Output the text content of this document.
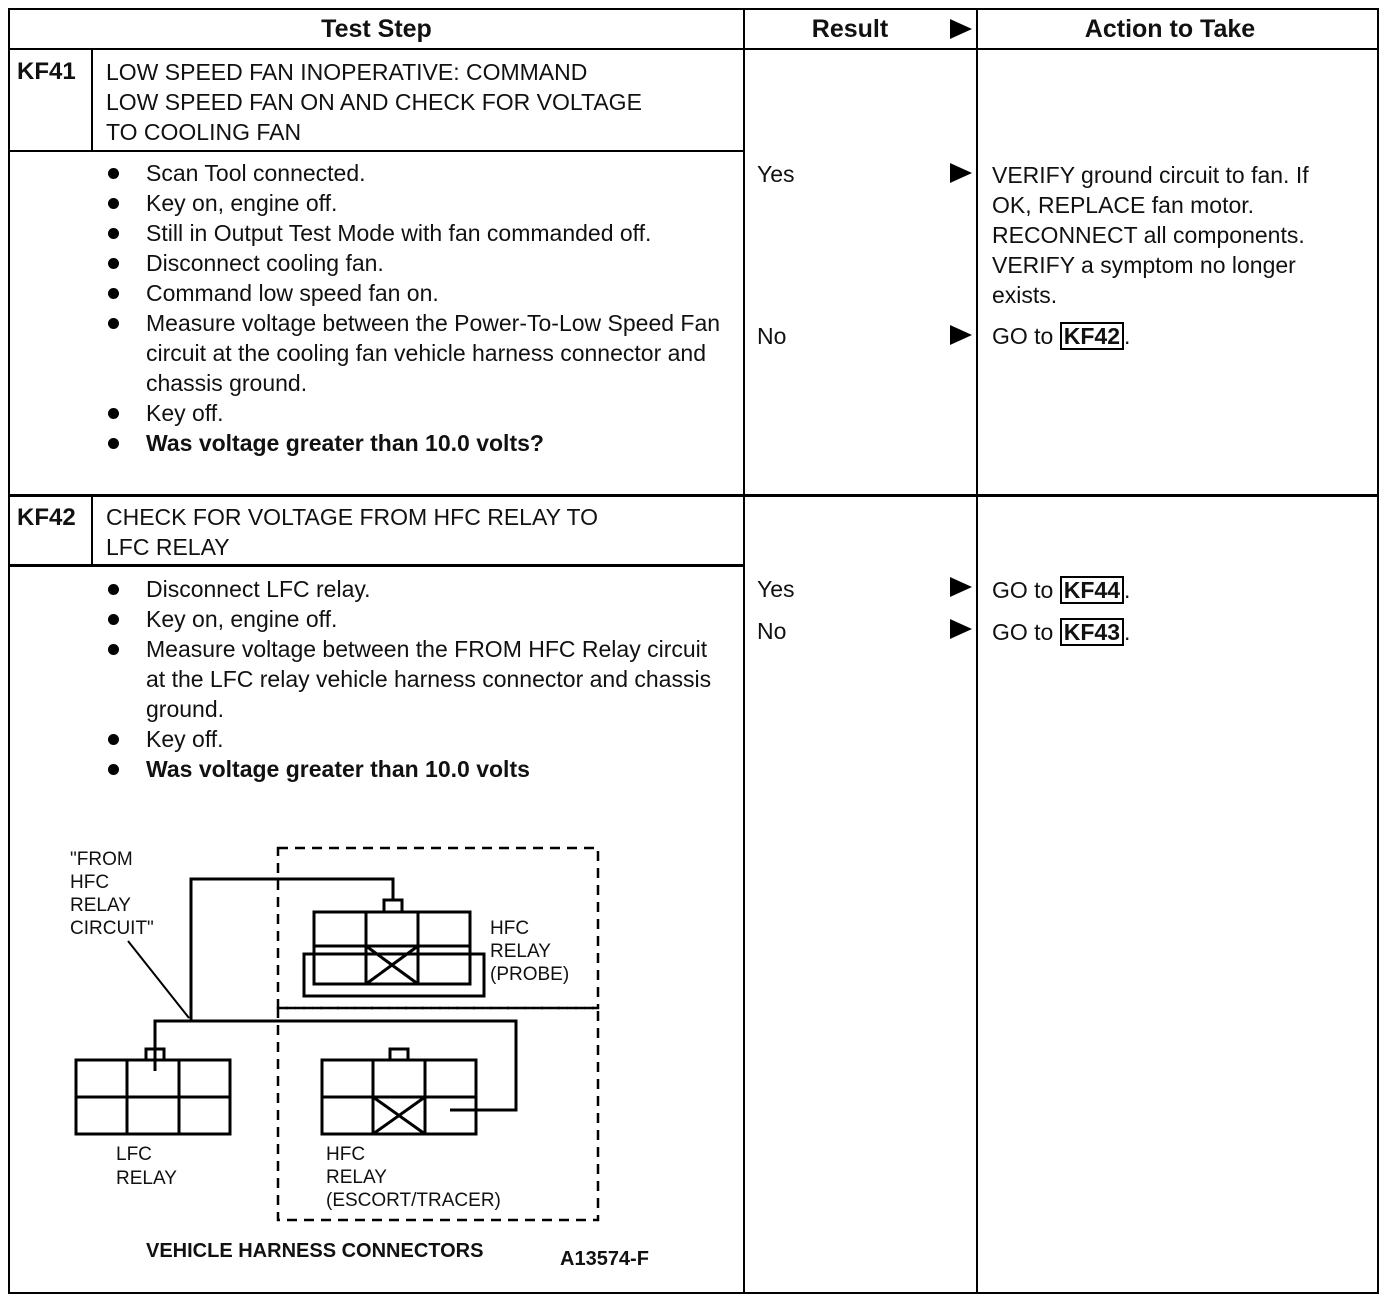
Test Step	Result	Action to Take
KF41 LOW SPEED FAN INOPERATIVE: COMMAND
LOW SPEED FAN ON AND CHECK FOR VOLTAGE
TO COOLING FAN
Scan Tool connected.
Key on, engine off.
Still in Output Test Mode with fan commanded off.
Disconnect cooling fan.
Command low speed fan on.
Measure voltage between the Power-To-Low Speed Fan circuit at the cooling fan vehicle harness connector and chassis ground.
Key off.
Was voltage greater than 10.0 volts?
Yes	VERIFY ground circuit to fan. If
OK, REPLACE fan motor.
RECONNECT all components.
VERIFY a symptom no longer
exists.
No	GO to KF42 .
KF42 CHECK FOR VOLTAGE FROM HFC RELAY TO
LFC RELAY
Disconnect LFC relay.
Key on, engine off.
Measure voltage between the FROM HFC Relay circuit at the LFC relay vehicle harness connector and chassis ground.
Key off.
Was voltage greater than 10.0 volts
Yes	GO to KF44 .
No	GO to KF43 .
"FROM HFC RELAY CIRCUIT"	HFC RELAY (PROBE)
LFC RELAY
HFC RELAY (ESCORT/TRACER)
VEHICLE HARNESS CONNECTORS	A13574-F
